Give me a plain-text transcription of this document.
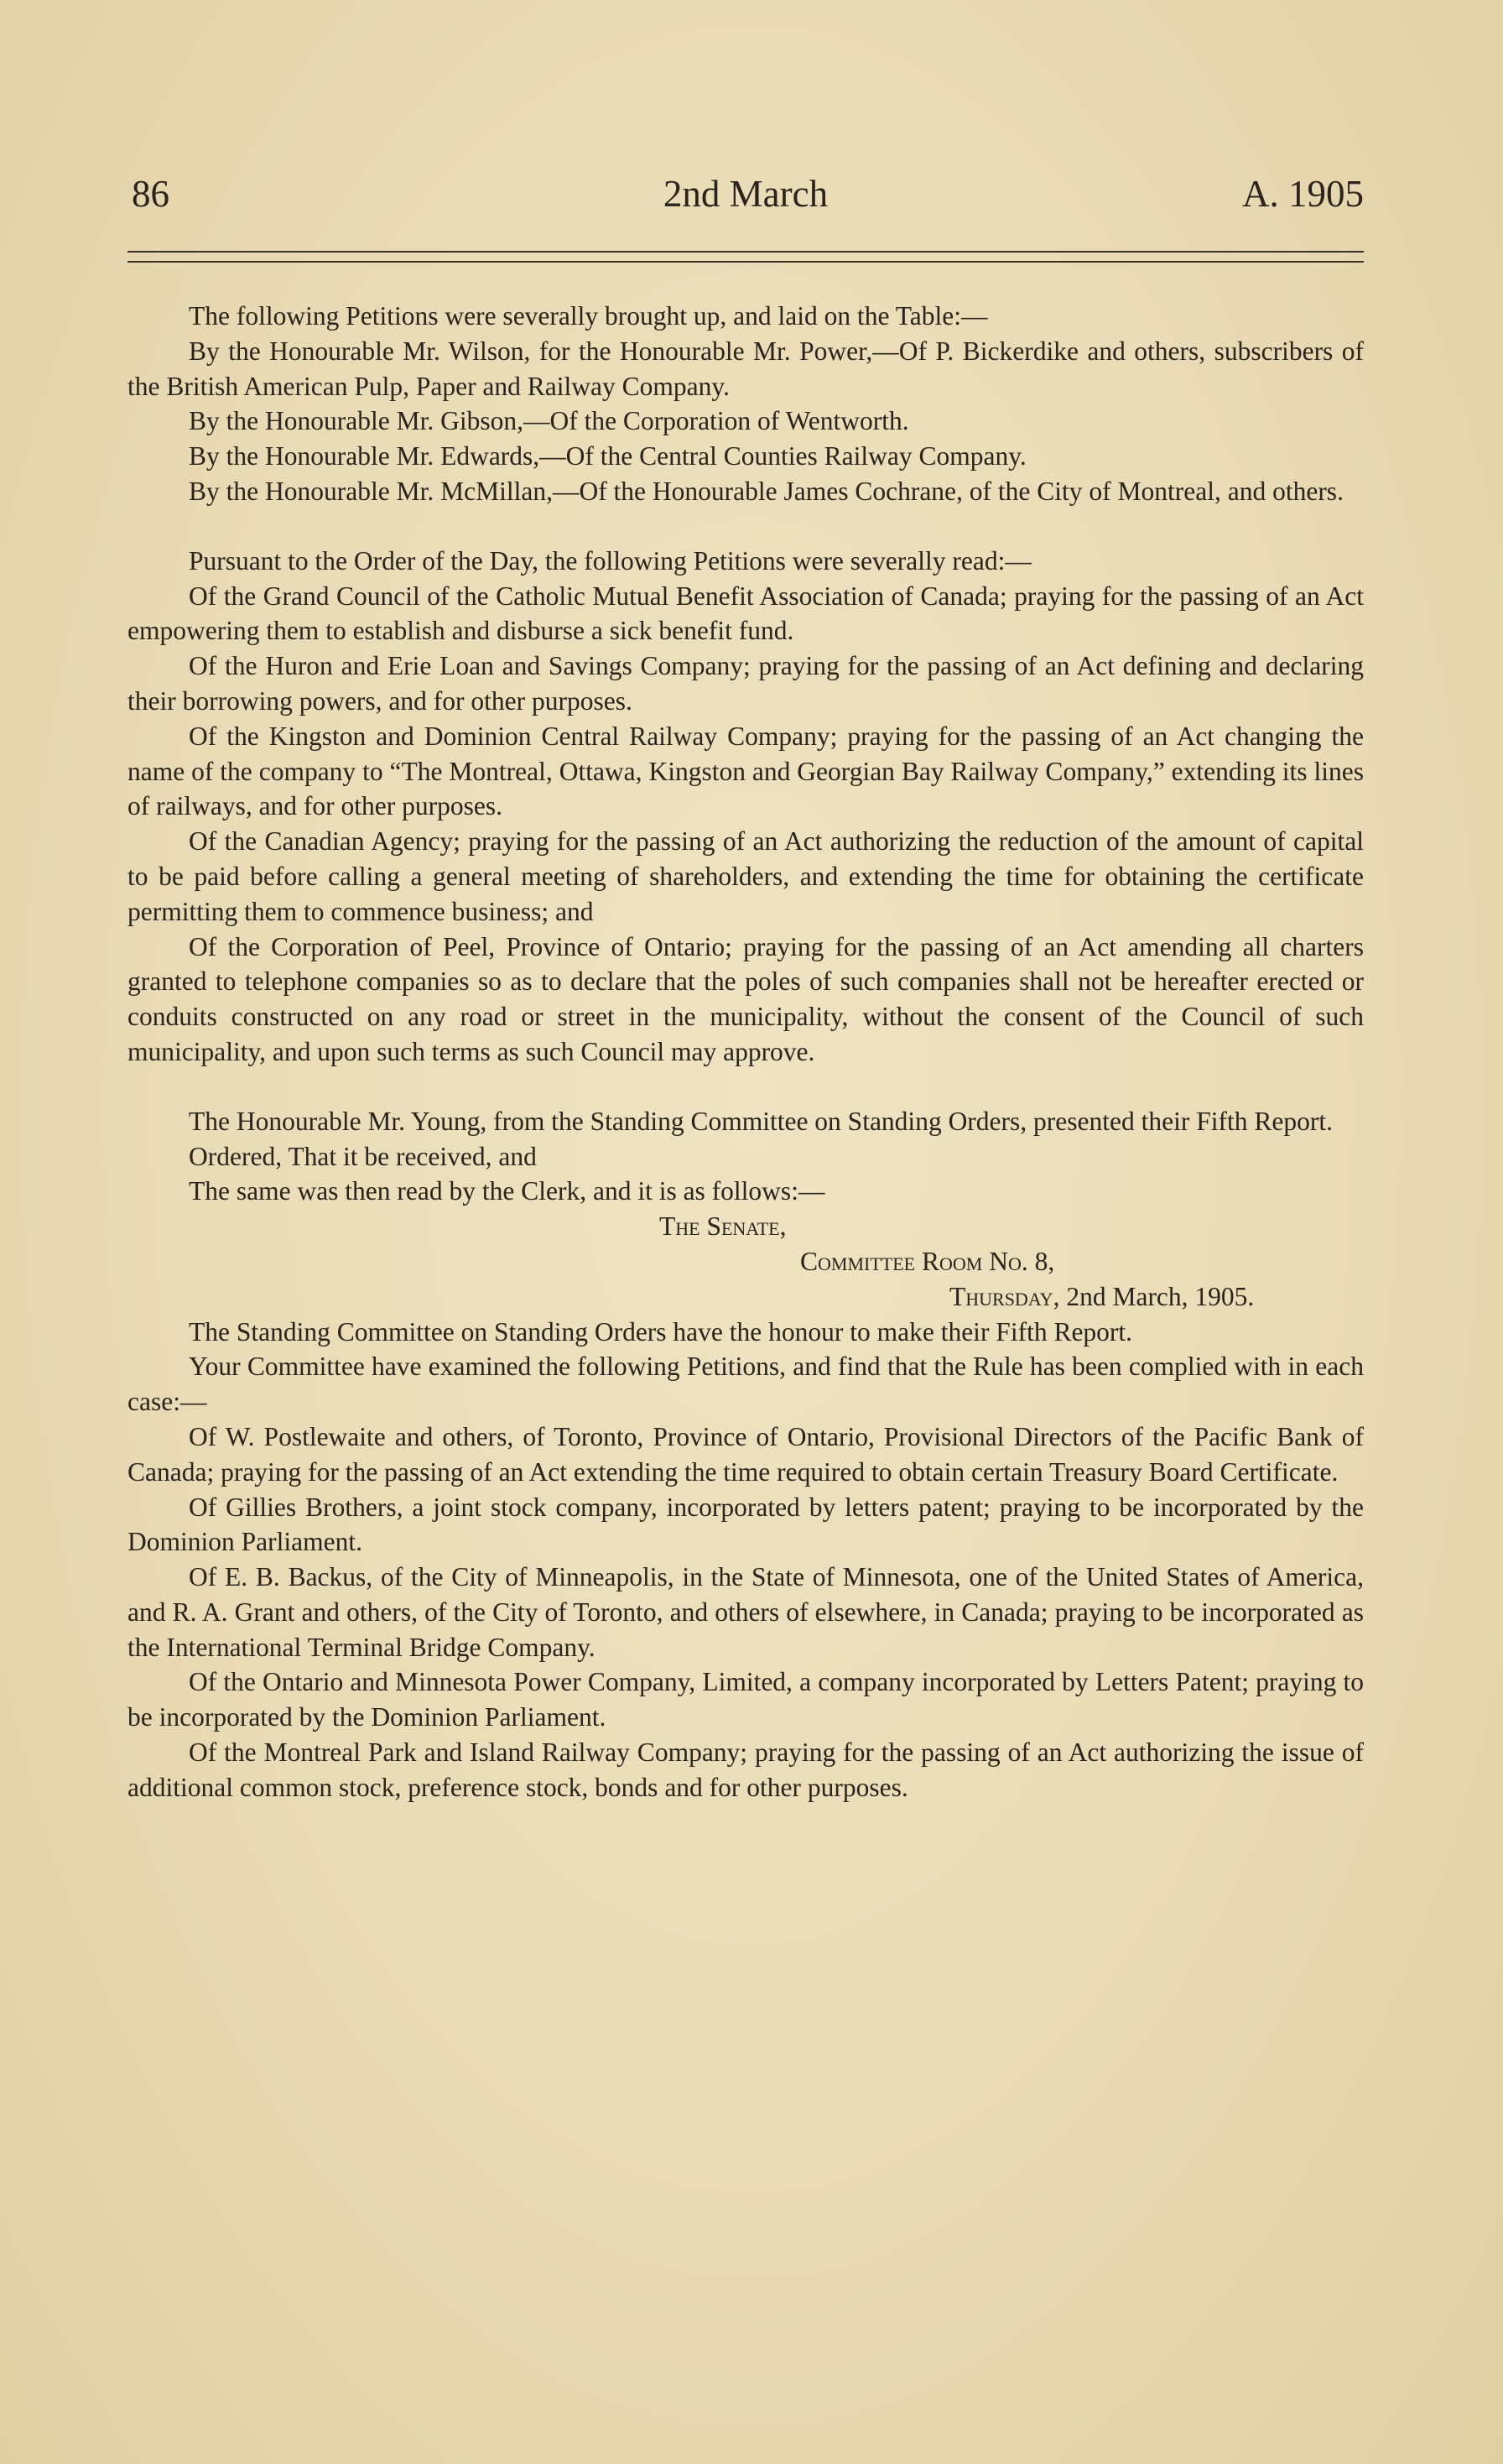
86	2nd March	A. 1905

The following Petitions were severally brought up, and laid on the Table:—

By the Honourable Mr. Wilson, for the Honourable Mr. Power,—Of P. Bickerdike and others, subscribers of the British American Pulp, Paper and Railway Company.

By the Honourable Mr. Gibson,—Of the Corporation of Wentworth.

By the Honourable Mr. Edwards,—Of the Central Counties Railway Company.

By the Honourable Mr. McMillan,—Of the Honourable James Cochrane, of the City of Montreal, and others.

Pursuant to the Order of the Day, the following Petitions were severally read:—

Of the Grand Council of the Catholic Mutual Benefit Association of Canada; praying for the passing of an Act empowering them to establish and disburse a sick benefit fund.

Of the Huron and Erie Loan and Savings Company; praying for the passing of an Act defining and declaring their borrowing powers, and for other purposes.

Of the Kingston and Dominion Central Railway Company; praying for the passing of an Act changing the name of the company to “The Montreal, Ottawa, Kingston and Georgian Bay Railway Company,” extending its lines of railways, and for other purposes.

Of the Canadian Agency; praying for the passing of an Act authorizing the reduction of the amount of capital to be paid before calling a general meeting of shareholders, and extending the time for obtaining the certificate permitting them to commence business; and

Of the Corporation of Peel, Province of Ontario; praying for the passing of an Act amending all charters granted to telephone companies so as to declare that the poles of such companies shall not be hereafter erected or conduits constructed on any road or street in the municipality, without the consent of the Council of such municipality, and upon such terms as such Council may approve.

The Honourable Mr. Young, from the Standing Committee on Standing Orders, presented their Fifth Report.

Ordered, That it be received, and

The same was then read by the Clerk, and it is as follows:—

The Senate,

Committee Room No. 8,

Thursday, 2nd March, 1905.

The Standing Committee on Standing Orders have the honour to make their Fifth Report.

Your Committee have examined the following Petitions, and find that the Rule has been complied with in each case:—

Of W. Postlewaite and others, of Toronto, Province of Ontario, Provisional Directors of the Pacific Bank of Canada; praying for the passing of an Act extending the time required to obtain certain Treasury Board Certificate.

Of Gillies Brothers, a joint stock company, incorporated by letters patent; praying to be incorporated by the Dominion Parliament.

Of E. B. Backus, of the City of Minneapolis, in the State of Minnesota, one of the United States of America, and R. A. Grant and others, of the City of Toronto, and others of elsewhere, in Canada; praying to be incorporated as the International Terminal Bridge Company.

Of the Ontario and Minnesota Power Company, Limited, a company incorporated by Letters Patent; praying to be incorporated by the Dominion Parliament.

Of the Montreal Park and Island Railway Company; praying for the passing of an Act authorizing the issue of additional common stock, preference stock, bonds and for other purposes.
